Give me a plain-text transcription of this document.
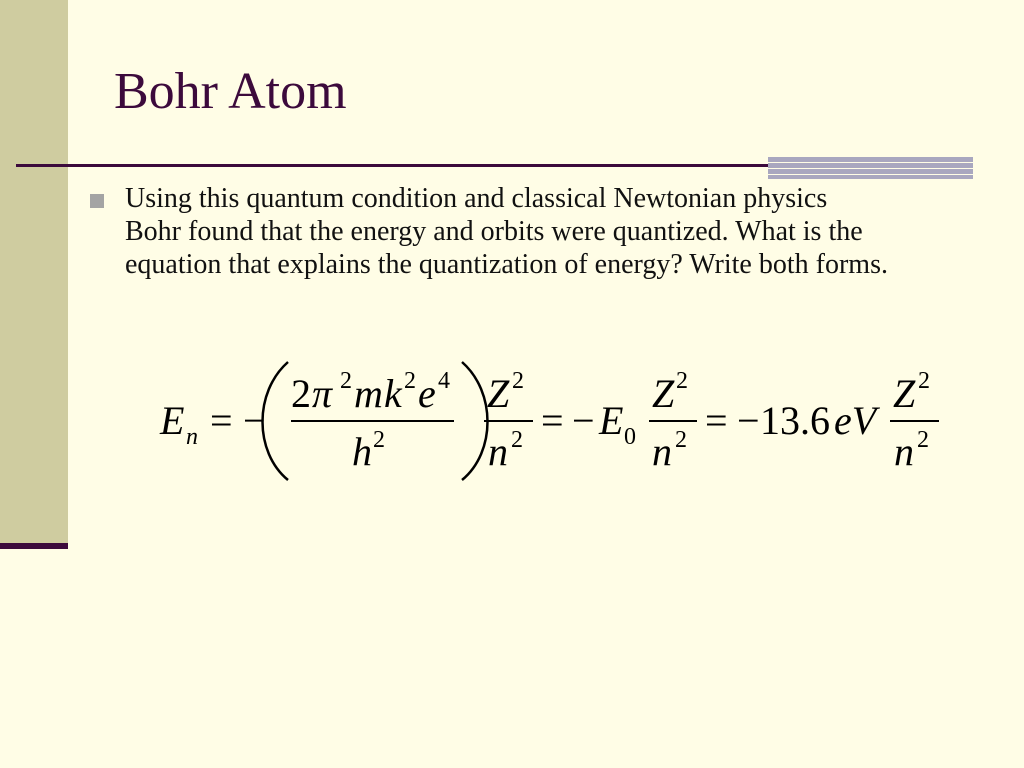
Bohr Atom
Using this quantum condition and classical Newtonian physics Bohr found that the energy and orbits were quantized. What is the equation that explains the quantization of energy? Write both forms.
E n = −
2 π 2 m k 2 e 4
h 2
Z 2
n 2 = − E 0
Z 2
n 2 = − 13.6 eV
Z 2
n 2
